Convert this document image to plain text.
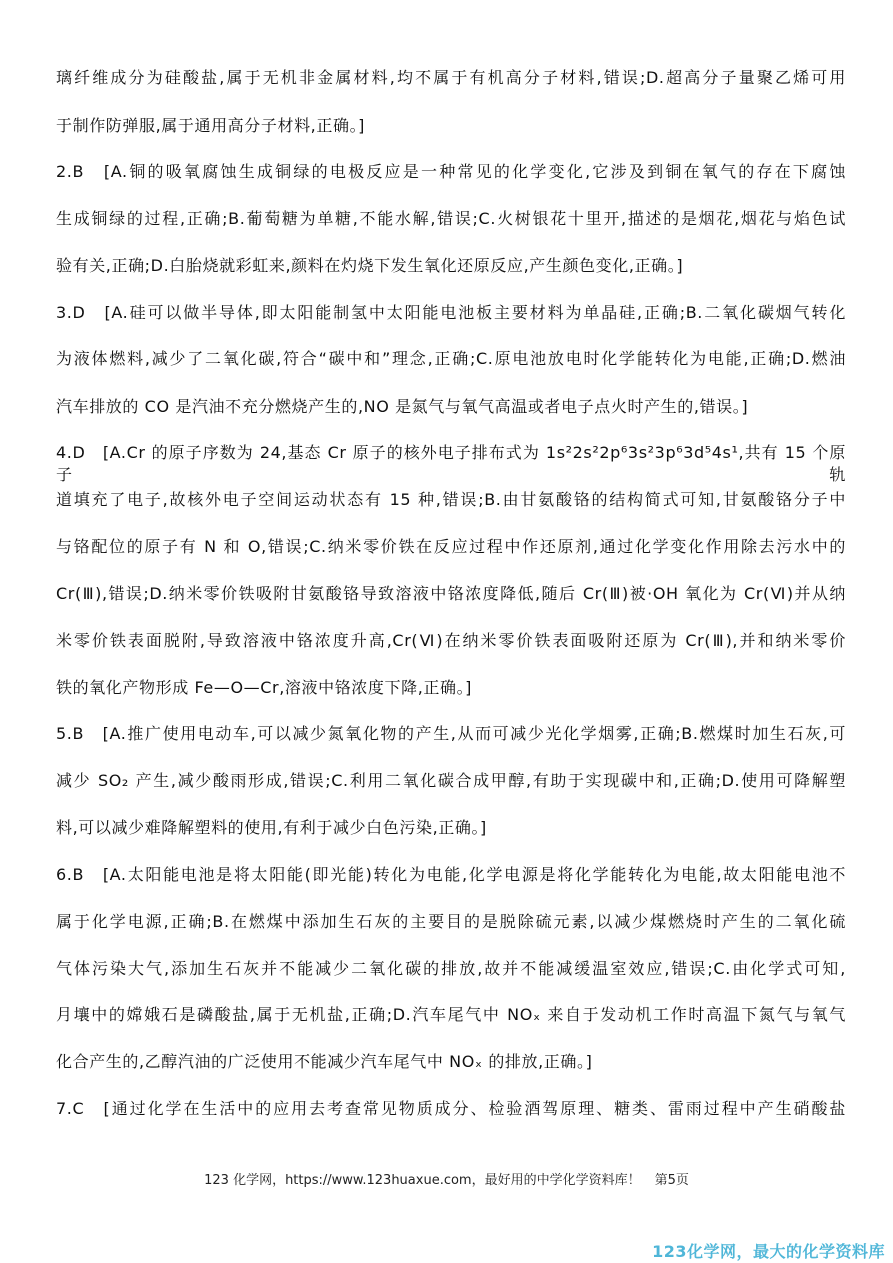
璃纤维成分为硅酸盐,属于无机非金属材料,均不属于有机高分子材料,错误;D.超高分子量聚乙烯可用
于制作防弹服,属于通用高分子材料,正确。]
2.B　[A.铜的吸氧腐蚀生成铜绿的电极反应是一种常见的化学变化,它涉及到铜在氧气的存在下腐蚀
生成铜绿的过程,正确;B.葡萄糖为单糖,不能水解,错误;C.火树银花十里开,描述的是烟花,烟花与焰色试
验有关,正确;D.白胎烧就彩虹来,颜料在灼烧下发生氧化还原反应,产生颜色变化,正确。]
3.D　[A.硅可以做半导体,即太阳能制氢中太阳能电池板主要材料为单晶硅,正确;B.二氧化碳烟气转化
为液体燃料,减少了二氧化碳,符合“碳中和”理念,正确;C.原电池放电时化学能转化为电能,正确;D.燃油
汽车排放的 CO 是汽油不充分燃烧产生的,NO 是氮气与氧气高温或者电子点火时产生的,错误。]
4.D　[A.Cr 的原子序数为 24,基态 Cr 原子的核外电子排布式为 1s²2s²2p⁶3s²3p⁶3d⁵4s¹,共有 15 个原子轨
道填充了电子,故核外电子空间运动状态有 15 种,错误;B.由甘氨酸铬的结构简式可知,甘氨酸铬分子中
与铬配位的原子有 N 和 O,错误;C.纳米零价铁在反应过程中作还原剂,通过化学变化作用除去污水中的
Cr(Ⅲ),错误;D.纳米零价铁吸附甘氨酸铬导致溶液中铬浓度降低,随后 Cr(Ⅲ)被·OH 氧化为 Cr(Ⅵ)并从纳
米零价铁表面脱附,导致溶液中铬浓度升高,Cr(Ⅵ)在纳米零价铁表面吸附还原为 Cr(Ⅲ),并和纳米零价
铁的氧化产物形成 Fe—O—Cr,溶液中铬浓度下降,正确。]
5.B　[A.推广使用电动车,可以减少氮氧化物的产生,从而可减少光化学烟雾,正确;B.燃煤时加生石灰,可
减少 SO₂ 产生,减少酸雨形成,错误;C.利用二氧化碳合成甲醇,有助于实现碳中和,正确;D.使用可降解塑
料,可以减少难降解塑料的使用,有利于减少白色污染,正确。]
6.B　[A.太阳能电池是将太阳能(即光能)转化为电能,化学电源是将化学能转化为电能,故太阳能电池不
属于化学电源,正确;B.在燃煤中添加生石灰的主要目的是脱除硫元素,以减少煤燃烧时产生的二氧化硫
气体污染大气,添加生石灰并不能减少二氧化碳的排放,故并不能减缓温室效应,错误;C.由化学式可知,
月壤中的嫦娥石是磷酸盐,属于无机盐,正确;D.汽车尾气中 NOₓ 来自于发动机工作时高温下氮气与氧气
化合产生的,乙醇汽油的广泛使用不能减少汽车尾气中 NOₓ 的排放,正确。]
7.C　[通过化学在生活中的应用去考查常见物质成分、检验酒驾原理、糖类、雷雨过程中产生硝酸盐
123 化学网，https://www.123huaxue.com，最好用的中学化学资料库！ 第5页
123化学网，最大的化学资料库
